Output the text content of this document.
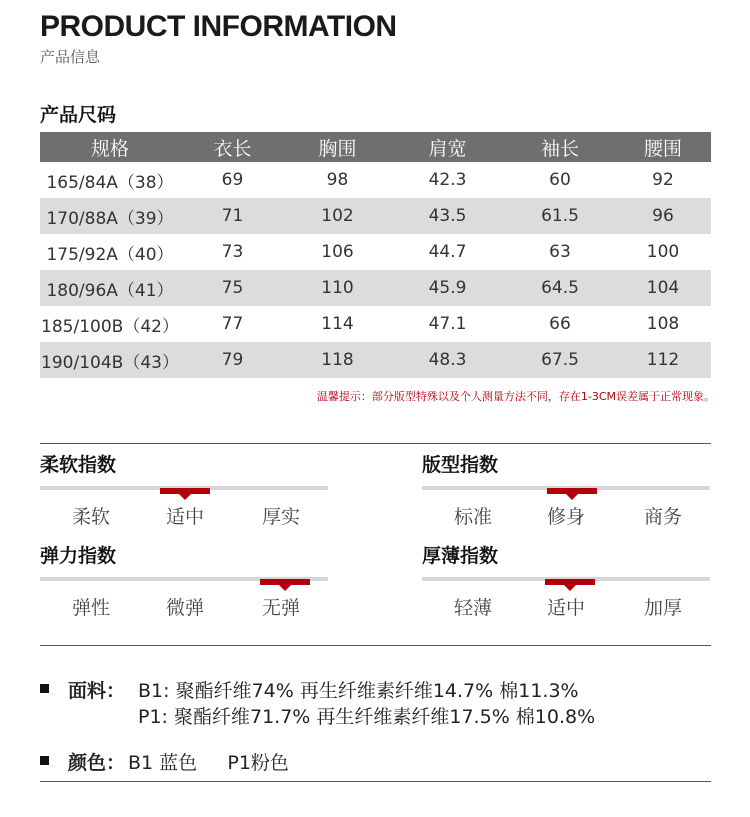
PRODUCT INFORMATION
产品信息
产品尺码
规格	衣长	胸围	肩宽	袖长	腰围
165/84A（38）	69	98	42.3	60	92
170/88A（39）	71	102	43.5	61.5	96
175/92A（40）	73	106	44.7	63	100
180/96A（41）	75	110	45.9	64.5	104
185/100B（42）	77	114	47.1	66	108
190/104B（43）	79	118	48.3	67.5	112
温馨提示：部分版型特殊以及个人测量方法不同，存在1-3CM误差属于正常现象。
柔软指数
柔软	适中	厚实
版型指数
标准	修身	商务
弹力指数
弹性	微弹	无弹
厚薄指数
轻薄	适中	加厚
面料： B1: 聚酯纤维74% 再生纤维素纤维14.7% 棉11.3%
P1: 聚酯纤维71.7% 再生纤维素纤维17.5% 棉10.8%
颜色： B1 蓝色     P1粉色
